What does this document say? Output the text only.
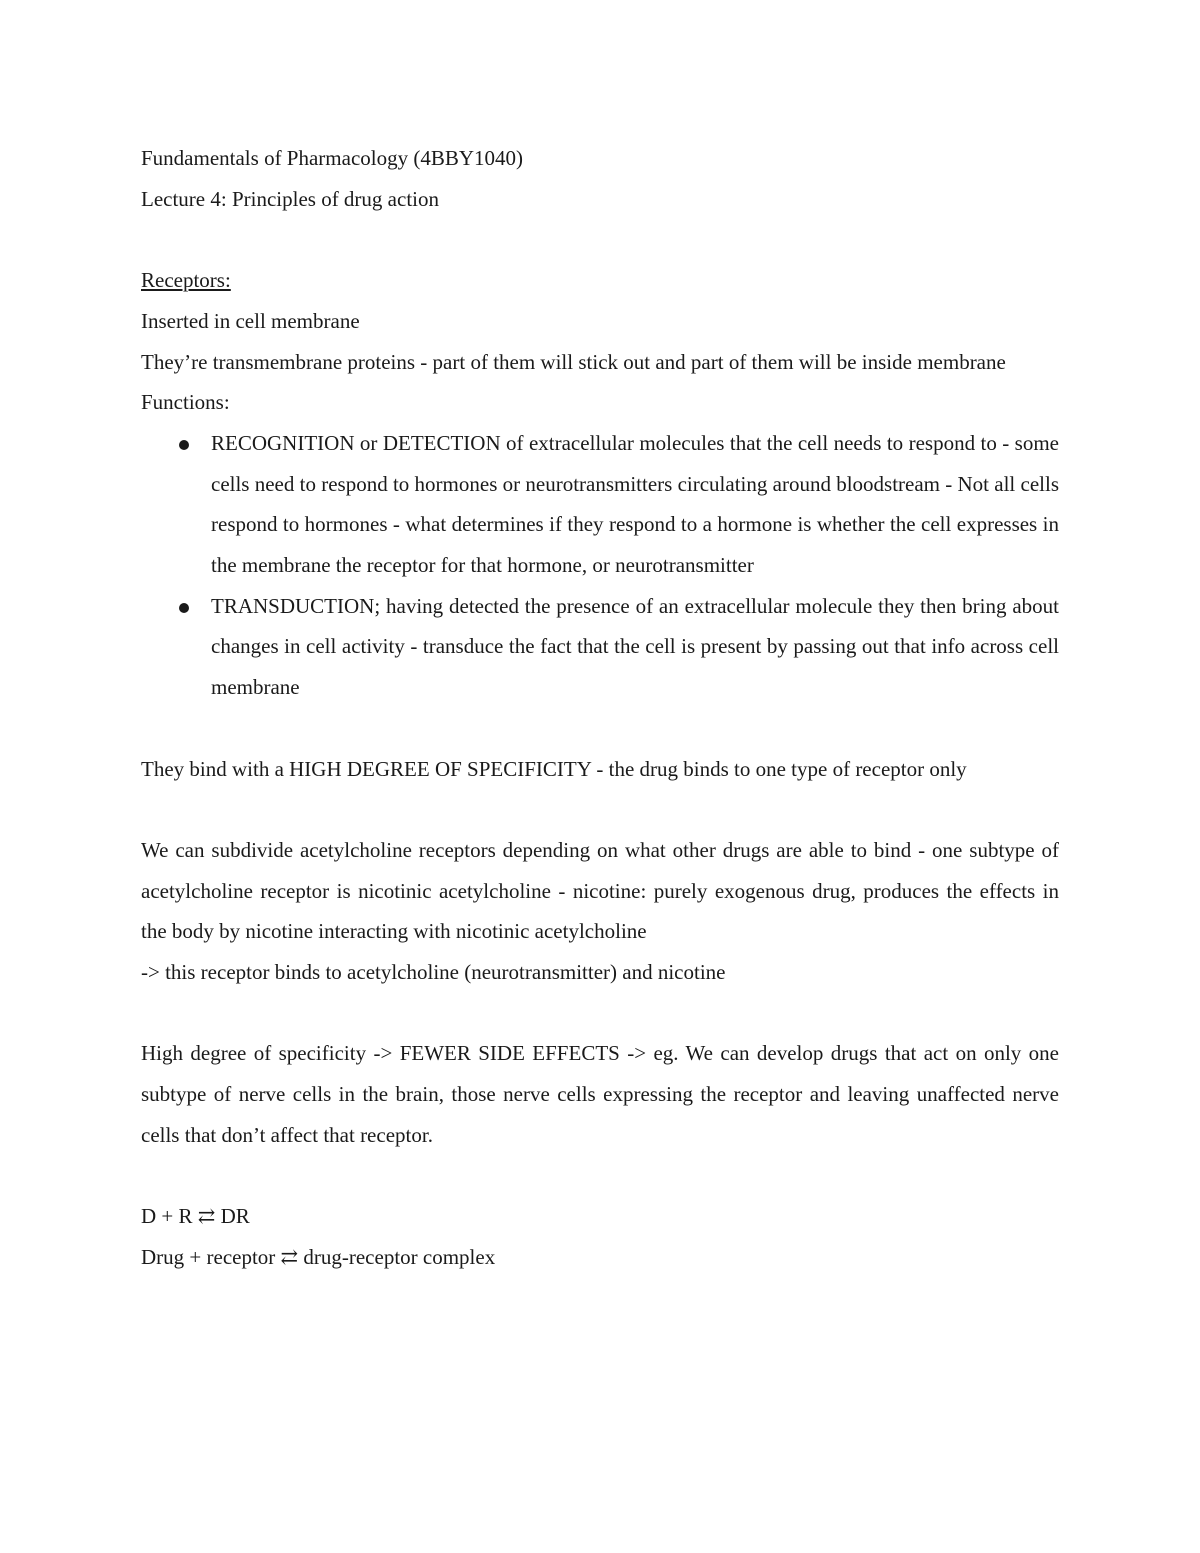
Fundamentals of Pharmacology (4BBY1040)

Lecture 4: Principles of drug action

Receptors:

Inserted in cell membrane

They’re transmembrane proteins - part of them will stick out and part of them will be inside membrane

Functions:

RECOGNITION or DETECTION of extracellular molecules that the cell needs to respond to - some cells need to respond to hormones or neurotransmitters circulating around bloodstream - Not all cells respond to hormones - what determines if they respond to a hormone is whether the cell expresses in the membrane the receptor for that hormone, or neurotransmitter
TRANSDUCTION; having detected the presence of an extracellular molecule they then bring about changes in cell activity - transduce the fact that the cell is present by passing out that info across cell membrane

They bind with a HIGH DEGREE OF SPECIFICITY - the drug binds to one type of receptor only

We can subdivide acetylcholine receptors depending on what other drugs are able to bind - one subtype of acetylcholine receptor is nicotinic acetylcholine - nicotine: purely exogenous drug, produces the effects in the body by nicotine interacting with nicotinic acetylcholine

-> this receptor binds to acetylcholine (neurotransmitter) and nicotine

High degree of specificity -> FEWER SIDE EFFECTS -> eg. We can develop drugs that act on only one subtype of nerve cells in the brain, those nerve cells expressing the receptor and leaving unaffected nerve cells that don’t affect that receptor.

D + R ⇄ DR

Drug + receptor ⇄ drug-receptor complex
